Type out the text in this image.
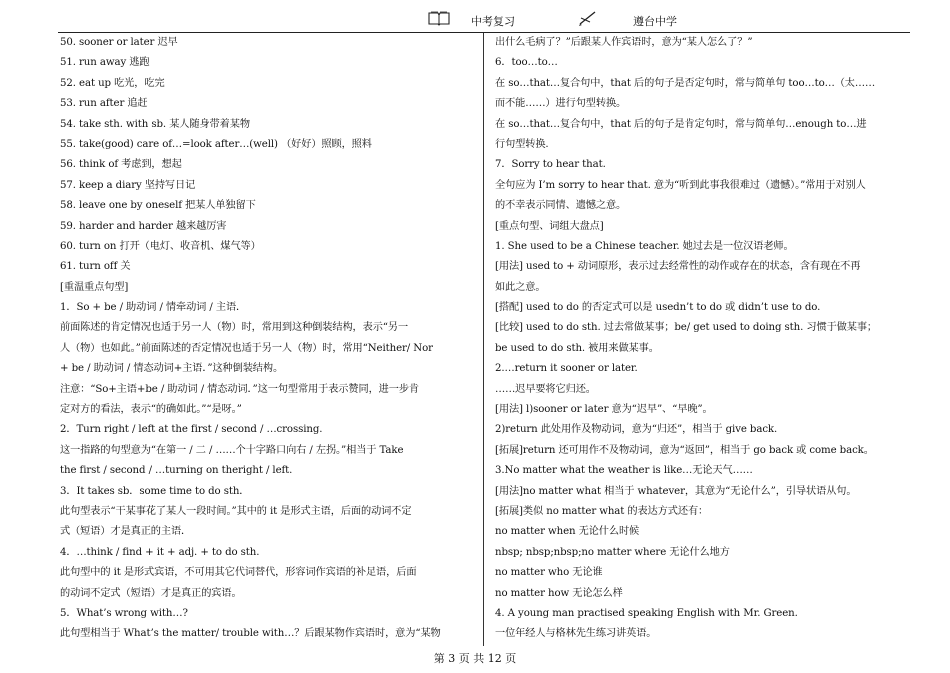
中考复习	遵台中学
50. sooner or later 迟早
51. run away 逃跑
52. eat up 吃光，吃完
53. run after 追赶
54. take sth. with sb. 某人随身带着某物
55. take(good) care of…=look after…(well) （好好）照顾，照料
56. think of 考虑到，想起
57. keep a diary 坚持写日记
58. leave one by oneself 把某人单独留下
59. harder and harder 越来越厉害
60. turn on 打开（电灯、收音机、煤气等）
61. turn off 关
[重温重点句型]
1．So + be / 助动词 / 情牵动词 / 主语．
前面陈述的肯定情况也适于另一人（物）时，常用到这种倒装结构，表示“另一
人（物）也如此。”前面陈述的否定情况也适于另一人（物）时，常用“Neither/ Nor
+ be / 助动词 / 情态动词+主语．”这种倒装结构。
注意：“So+主语+be / 助动词 / 情态动词．”这一句型常用于表示赞同，进一步肯
定对方的看法，表示“的确如此。”“是呀。”
2．Turn right / left at the first / second / …crossing.
这一指路的句型意为“在第一 / 二 / ……个十字路口向右 / 左拐。”相当于 Take
the first / second / …turning on theright / left.
3．It takes sb．some time to do sth．
此句型表示“干某事花了某人一段时间。”其中的 it 是形式主语，后面的动词不定
式（短语）才是真正的主语．
4．…think / find + it + adj. + to do sth.
此句型中的 it 是形式宾语，不可用其它代词替代，形容词作宾语的补足语，后面
的动词不定式（短语）才是真正的宾语。
5．What’s wrong with…?
此句型相当于 What’s the matter/ trouble with…？后跟某物作宾语时，意为“某物
出什么毛病了？”后跟某人作宾语时，意为“某人怎么了？”
6．too…to…
在 so…that…复合句中，that 后的句子是否定句时，常与简单句 too…to…（太……
而不能……）进行句型转换。
在 so…that…复合句中，that 后的句子是肯定句时，常与简单句…enough to…进
行句型转换.
7．Sorry to hear that.
全句应为 I’m sorry to hear that. 意为“听到此事我很难过（遗憾）。”常用于对别人
的不幸表示同情、遗憾之意。
[重点句型、词组大盘点]
1. She used to be a Chinese teacher. 她过去是一位汉语老师。
[用法] used to + 动词原形，表示过去经常性的动作或存在的状态，含有现在不再
如此之意。
[搭配] used to do 的否定式可以是 usedn’t to do 或 didn’t use to do.
[比较] used to do sth. 过去常做某事；be/ get used to doing sth. 习惯于做某事；
be used to do sth. 被用来做某事。
2.…return it sooner or later.
……迟早要将它归还。
[用法] l)sooner or later 意为“迟早”、“早晚”。
2)return 此处用作及物动词，意为“归还”，相当于 give back.
[拓展]return 还可用作不及物动词，意为“返回”，相当于 go back 或 come back。
3.No matter what the weather is like…无论天气……
[用法]no matter what 相当于 whatever，其意为“无论什么”，引导状语从句。
[拓展]类似 no matter what 的表达方式还有：
no matter when 无论什么时候
nbsp; nbsp;nbsp;no matter where 无论什么地方
no matter who 无论谁
no matter how 无论怎么样
4. A young man practised speaking English with Mr. Green.
一位年经人与格林先生练习讲英语。
第 3 页 共 12 页
